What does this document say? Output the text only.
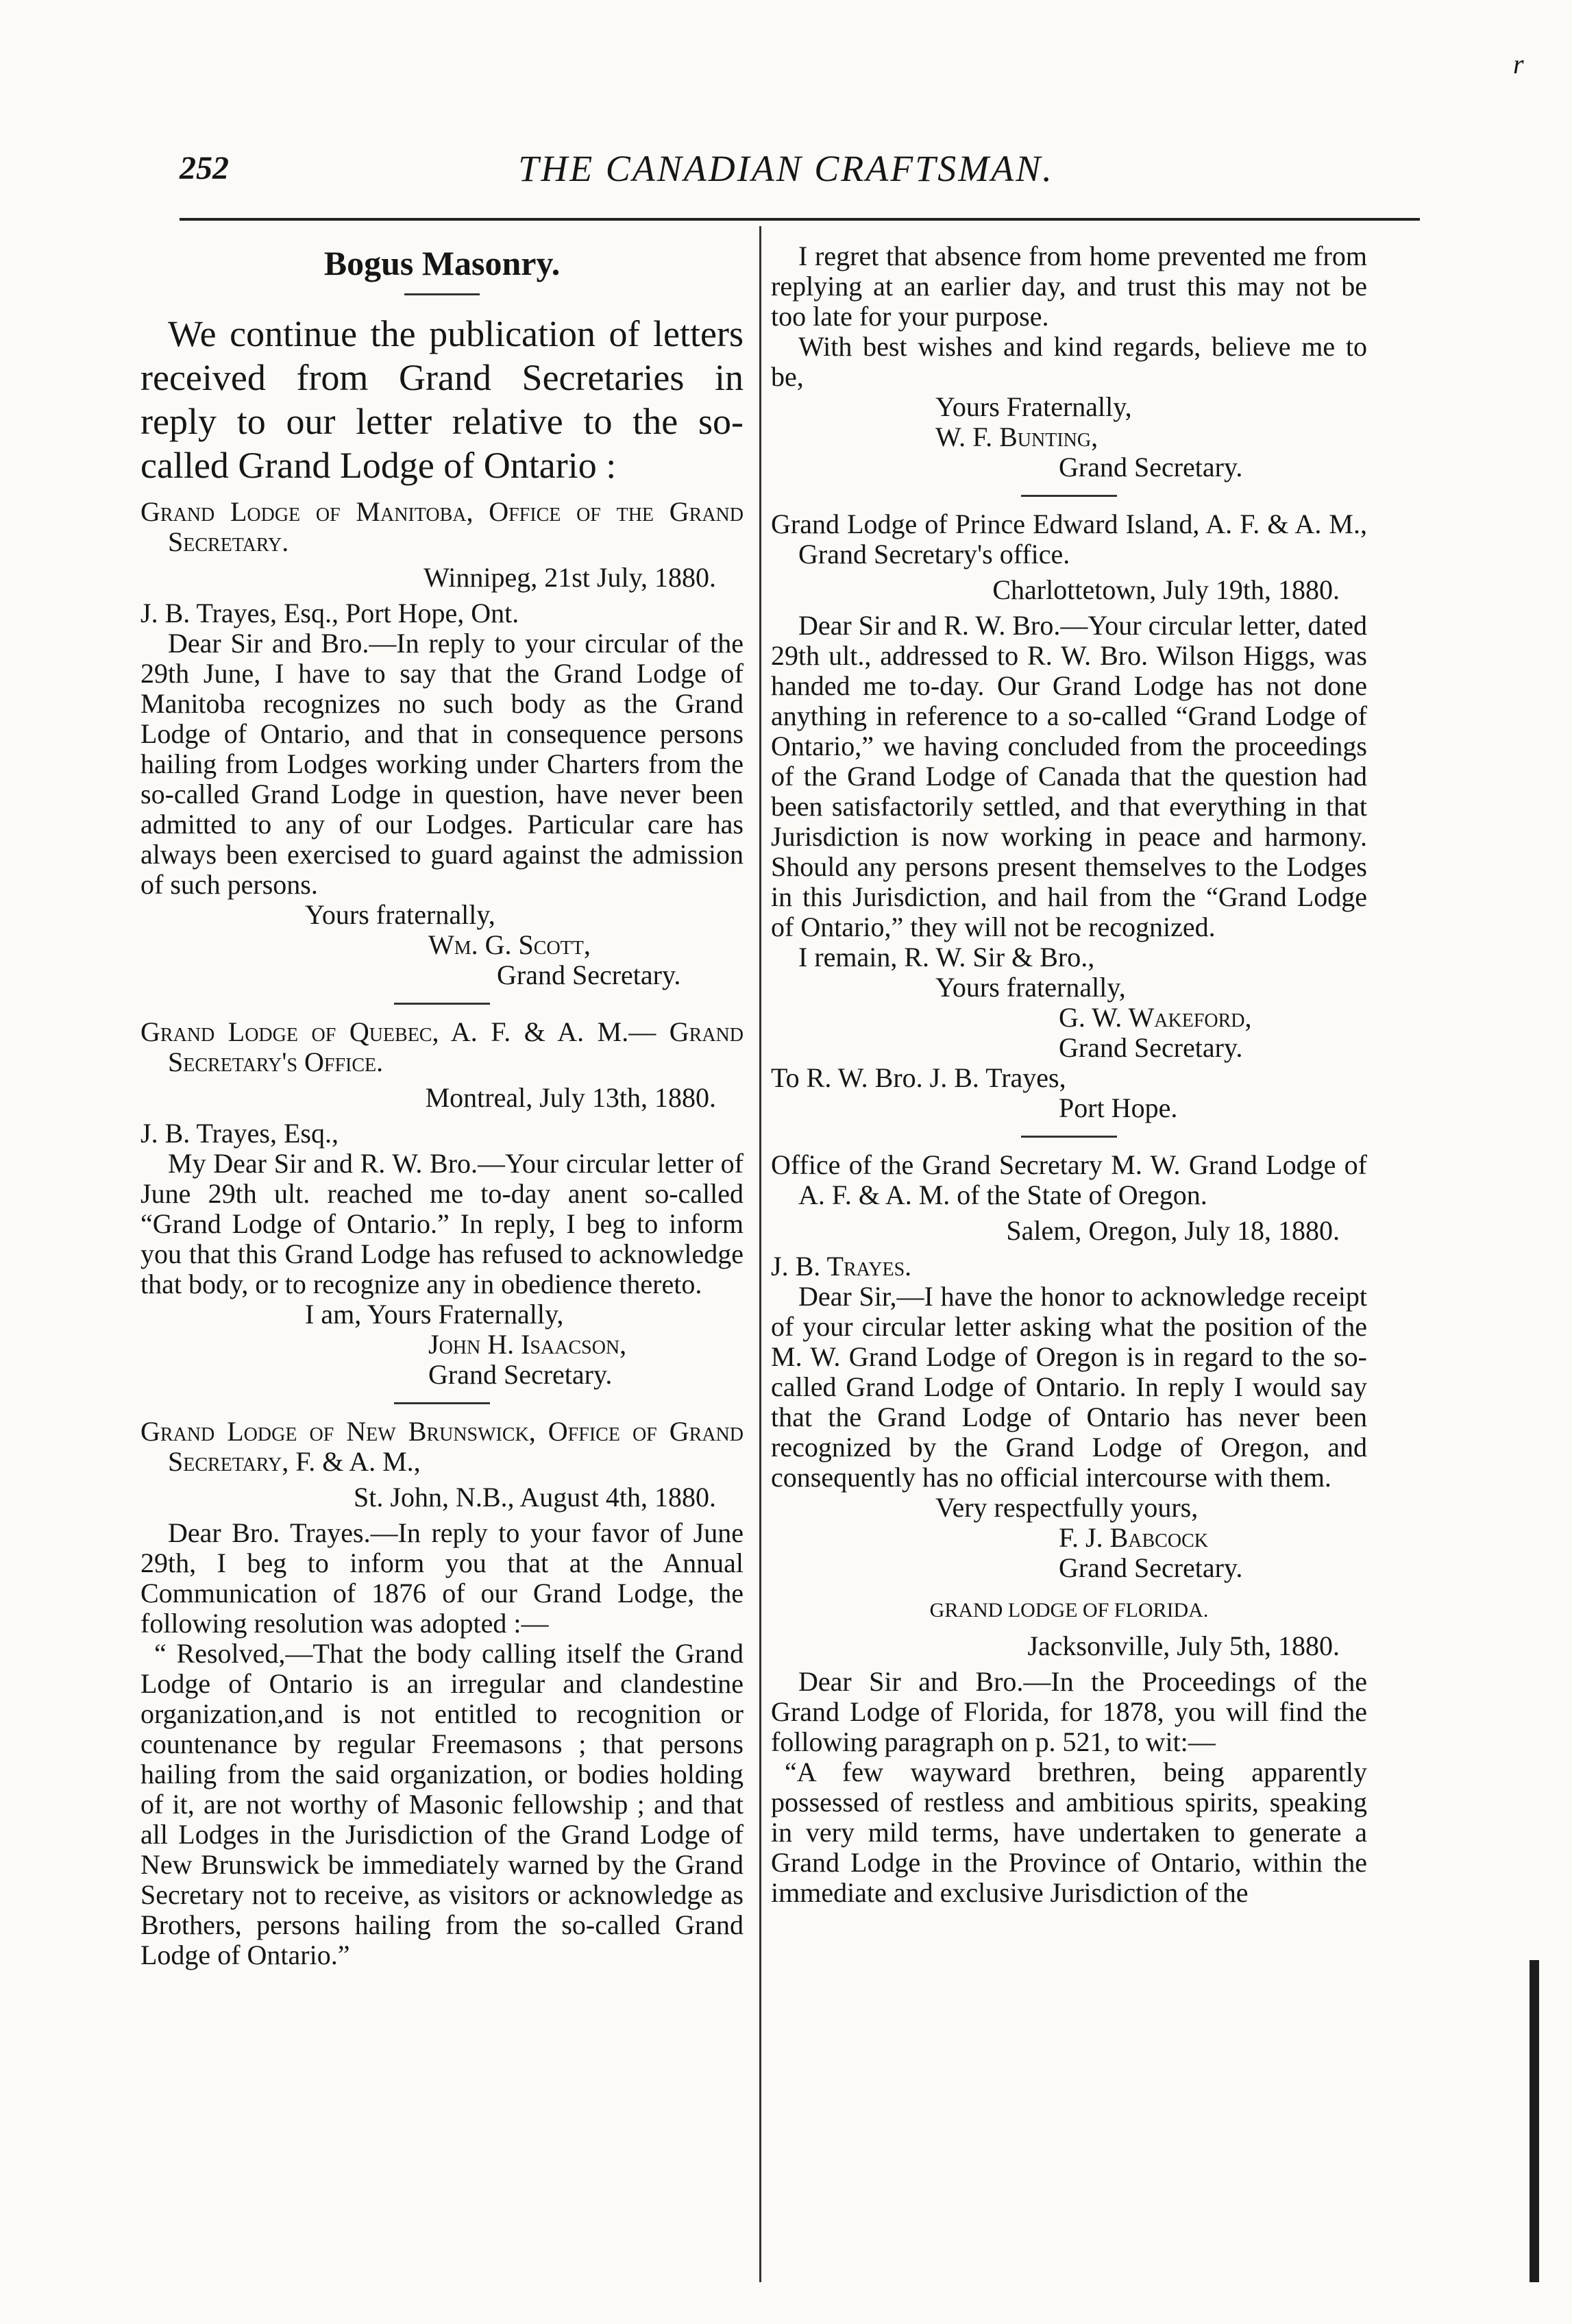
r
252	THE CANADIAN CRAFTSMAN.
Bogus Masonry.

We continue the publication of letters received from Grand Secretaries in reply to our letter relative to the so-called Grand Lodge of Ontario :

Grand Lodge of Manitoba, Office of the Grand Secretary.

Winnipeg, 21st July, 1880.

J. B. Trayes, Esq., Port Hope, Ont.

Dear Sir and Bro.—In reply to your circular of the 29th June, I have to say that the Grand Lodge of Manitoba recognizes no such body as the Grand Lodge of Ontario, and that in consequence persons hailing from Lodges working under Charters from the so-called Grand Lodge in question, have never been admitted to any of our Lodges. Particular care has always been exercised to guard against the admission of such persons.

Yours fraternally,

Wm. G. Scott,

Grand Secretary.

Grand Lodge of Quebec, A. F. & A. M.— Grand Secretary's Office.

Montreal, July 13th, 1880.

J. B. Trayes, Esq.,

My Dear Sir and R. W. Bro.—Your circular letter of June 29th ult. reached me to-day anent so-called “Grand Lodge of Ontario.” In reply, I beg to inform you that this Grand Lodge has refused to acknowledge that body, or to recognize any in obedience thereto.

I am, Yours Fraternally,

John H. Isaacson,

Grand Secretary.

Grand Lodge of New Brunswick, Office of Grand Secretary, F. & A. M.,

St. John, N.B., August 4th, 1880.

Dear Bro. Trayes.—In reply to your favor of June 29th, I beg to inform you that at the Annual Communication of 1876 of our Grand Lodge, the following resolution was adopted :—

“ Resolved,—That the body calling itself the Grand Lodge of Ontario is an irregular and clandestine organization,and is not entitled to recognition or countenance by regular Freemasons ; that persons hailing from the said organization, or bodies holding of it, are not worthy of Masonic fellowship ; and that all Lodges in the Jurisdiction of the Grand Lodge of New Brunswick be immediately warned by the Grand Secretary not to receive, as visitors or acknowledge as Brothers, persons hailing from the so-called Grand Lodge of Ontario.”

I regret that absence from home prevented me from replying at an earlier day, and trust this may not be too late for your purpose.

With best wishes and kind regards, believe me to be,

Yours Fraternally,

W. F. Bunting,

Grand Secretary.

Grand Lodge of Prince Edward Island, A. F. & A. M., Grand Secretary's office.

Charlottetown, July 19th, 1880.

Dear Sir and R. W. Bro.—Your circular letter, dated 29th ult., addressed to R. W. Bro. Wilson Higgs, was handed me to-day. Our Grand Lodge has not done anything in reference to a so-called “Grand Lodge of Ontario,” we having concluded from the proceedings of the Grand Lodge of Canada that the question had been satisfactorily settled, and that everything in that Jurisdiction is now working in peace and harmony. Should any persons present themselves to the Lodges in this Jurisdiction, and hail from the “Grand Lodge of Ontario,” they will not be recognized.

I remain, R. W. Sir & Bro.,

Yours fraternally,

G. W. Wakeford,

Grand Secretary.

To R. W. Bro. J. B. Trayes,

Port Hope.

Office of the Grand Secretary M. W. Grand Lodge of A. F. & A. M. of the State of Oregon.

Salem, Oregon, July 18, 1880.

J. B. Trayes.

Dear Sir,—I have the honor to acknowledge receipt of your circular letter asking what the position of the M. W. Grand Lodge of Oregon is in regard to the so-called Grand Lodge of Ontario. In reply I would say that the Grand Lodge of Ontario has never been recognized by the Grand Lodge of Oregon, and consequently has no official intercourse with them.

Very respectfully yours,

F. J. Babcock

Grand Secretary.

GRAND LODGE OF FLORIDA.

Jacksonville, July 5th, 1880.

Dear Sir and Bro.—In the Proceedings of the Grand Lodge of Florida, for 1878, you will find the following paragraph on p. 521, to wit:—

“A few wayward brethren, being apparently possessed of restless and ambitious spirits, speaking in very mild terms, have undertaken to generate a Grand Lodge in the Province of Ontario, within the immediate and exclusive Jurisdiction of the
